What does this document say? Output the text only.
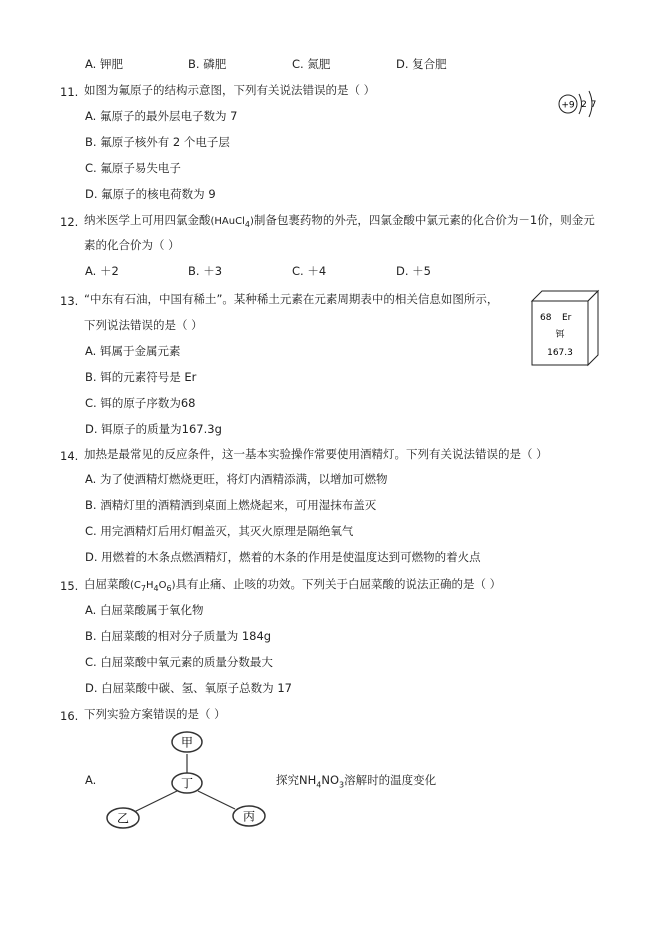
A. 钾肥	B. 磷肥	C. 氮肥	D. 复合肥
11. 如图为氟原子的结构示意图，下列有关说法错误的是（ ）
+9 2 7
A. 氟原子的最外层电子数为 7
B. 氟原子核外有 2 个电子层
C. 氟原子易失电子
D. 氟原子的核电荷数为 9
12. 纳米医学上可用四氯金酸(HAuCl$_4$)制备包裹药物的外壳，四氯金酸中氯元素的化合价为－1价，则金元
素的化合价为（ ）
A. ＋2	B. ＋3	C. ＋4	D. ＋5
13. “中东有石油，中国有稀土”。某种稀土元素在元素周期表中的相关信息如图所示，
下列说法错误的是（ ）	68 Er
铒
167.3
A. 铒属于金属元素
B. 铒的元素符号是 Er
C. 铒的原子序数为68
D. 铒原子的质量为167.3g
14. 加热是最常见的反应条件，这一基本实验操作常要使用酒精灯。下列有关说法错误的是（ ）
A. 为了使酒精灯燃烧更旺，将灯内酒精添满，以增加可燃物
B. 酒精灯里的酒精洒到桌面上燃烧起来，可用湿抹布盖灭
C. 用完酒精灯后用灯帽盖灭，其灭火原理是隔绝氧气
D. 用燃着的木条点燃酒精灯，燃着的木条的作用是使温度达到可燃物的着火点
15. 白屈菜酸$(C_7H_4O_6)$具有止痛、止咳的功效。下列关于白屈菜酸的说法正确的是（ ）
A. 白屈菜酸属于氧化物
B. 白屈菜酸的相对分子质量为 184g
C. 白屈菜酸中氧元素的质量分数最大
D. 白屈菜酸中碳、氢、氧原子总数为 17
16. 下列实验方案错误的是（ ）
A.
甲
丁
乙	丙
探究$NH_4NO_3$溶解时的温度变化
